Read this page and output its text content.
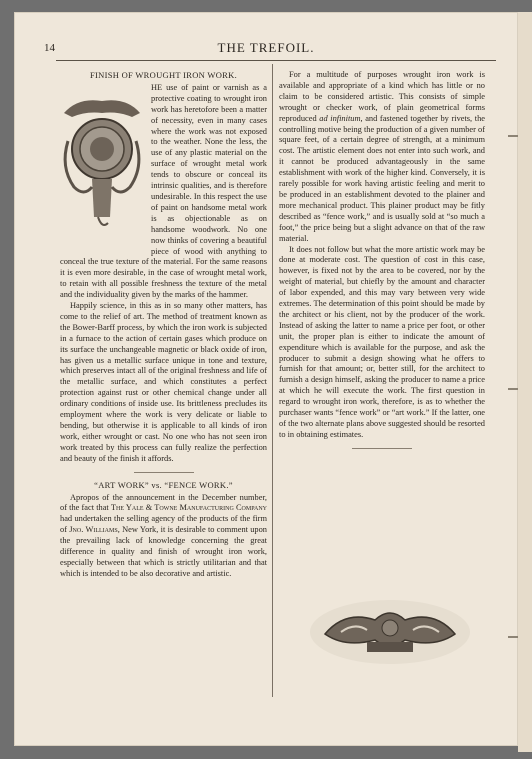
14	THE TREFOIL.
FINISH OF WROUGHT IRON WORK.

HE use of paint or varnish as a protective coating to wrought iron work has heretofore been a matter of necessity, even in many cases where the work was not exposed to the weather. None the less, the use of any plastic material on the surface of wrought metal work tends to obscure or conceal its intrinsic qualities, and is therefore undesirable. In this respect the use of paint on handsome metal work is as objectionable as on handsome woodwork. No one now thinks of covering a beautiful piece of wood with anything to conceal the true texture of the material. For the same reasons it is even more desirable, in the case of wrought metal work, to retain with all possible freshness the texture of the metal and the individuality given by the marks of the hammer.

Happily science, in this as in so many other matters, has come to the relief of art. The method of treatment known as the Bower-Barff process, by which the iron work is subjected in a furnace to the action of certain gases which produce on its surface the unchangeable magnetic or black oxide of iron, has given us a metallic surface unique in tone and texture, which preserves intact all of the original freshness and life of the metallic surface, and which constitutes a perfect protection against rust or other chemical change under all ordinary conditions of inside use. Its brittleness precludes its employment where the work is very delicate or liable to bending, but otherwise it is applicable to all kinds of iron work, either wrought or cast. No one who has not seen iron work treated by this process can fully realize the perfection and beauty of the finish it affords.

“ART WORK” vs. “FENCE WORK.”

Apropos of the announcement in the December number, of the fact that The Yale & Towne Manufacturing Company had undertaken the selling agency of the products of the firm of Jno. Williams, New York, it is desirable to comment upon the prevailing lack of knowledge concerning the great difference in quality and finish of wrought iron work, especially between that which is strictly utilitarian and that which is intended to be also decorative and artistic.

For a multitude of purposes wrought iron work is available and appropriate of a kind which has little or no claim to be considered artistic. This consists of simple wrought or checker work, of plain geometrical forms reproduced ad infinitum, and fastened together by rivets, the controlling motive being the production of a given number of square feet, of a certain degree of strength, at a minimum cost. The artistic element does not enter into such work, and it cannot be produced advantageously in the same establishment with work of the higher kind. Conversely, it is rarely possible for work having artistic feeling and merit to be produced in an establishment devoted to the plainer and more mechanical product. This plainer product may be fitly described as “fence work,” and is usually sold at “so much a foot,” the price being but a slight advance on that of the raw material.

It does not follow but what the more artistic work may be done at moderate cost. The question of cost in this case, however, is fixed not by the area to be covered, nor by the weight of material, but chiefly by the amount and character of labor expended, and this may vary between very wide extremes. The determination of this point should be made by the architect or his client, not by the producer of the work. Instead of asking the latter to name a price per foot, or other unit, the proper plan is either to indicate the amount of expenditure which is available for the purpose, and ask the producer to submit a design showing what he offers to furnish for that amount; or, better still, for the architect to furnish a design himself, asking the producer to name a price at which he will execute the work. The first question in regard to wrought iron work, therefore, is as to whether the purchaser wants “fence work” or “art work.” If the latter, one of the two alternate plans above suggested should be resorted to in obtaining estimates.
